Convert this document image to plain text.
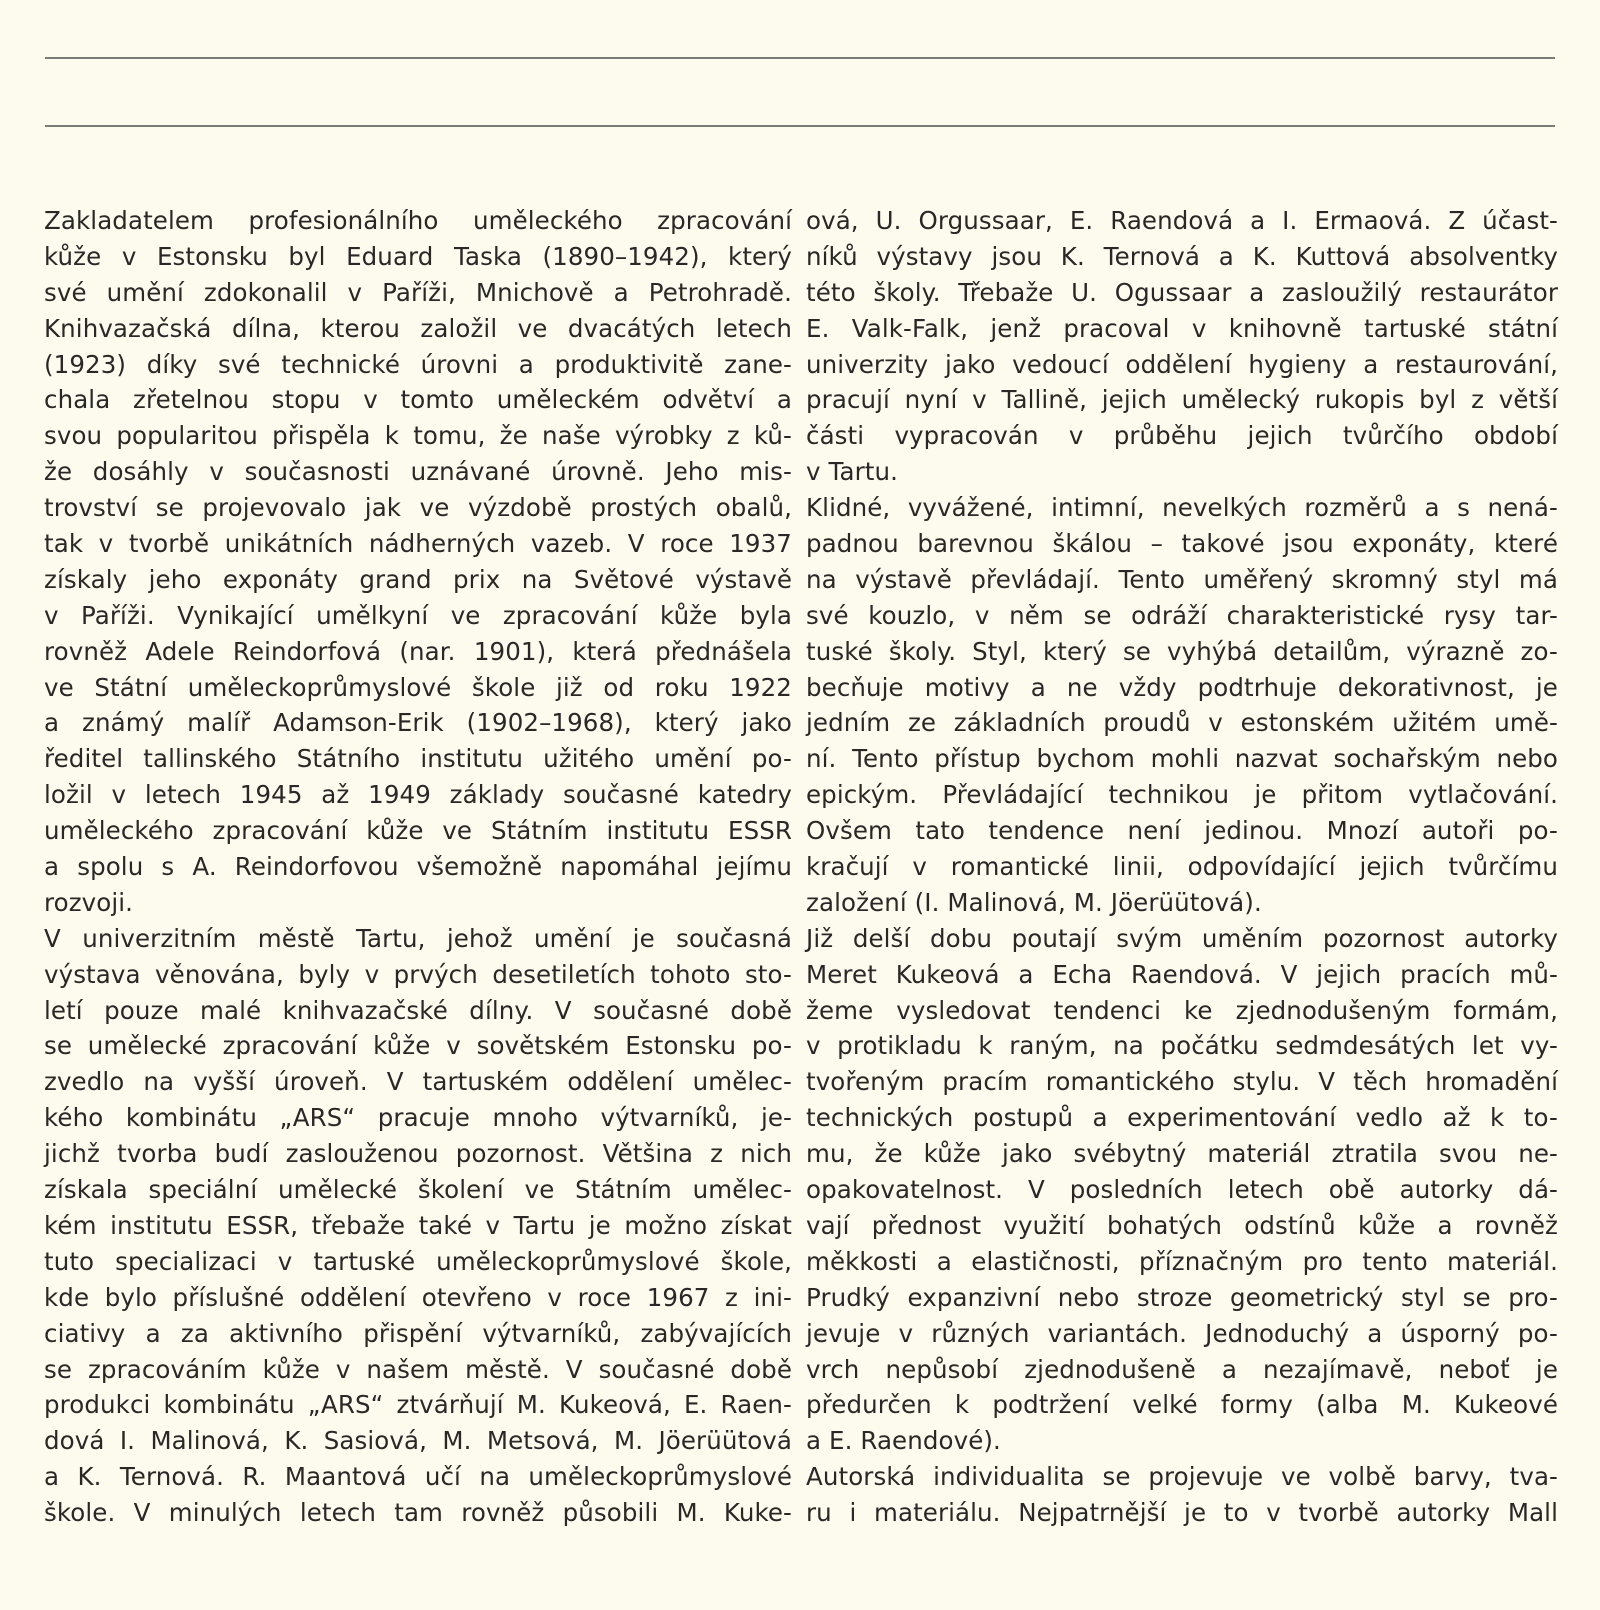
Zakladatelem profesionálního uměleckého zpracování
kůže v Estonsku byl Eduard Taska (1890–1942), který
své umění zdokonalil v Paříži, Mnichově a Petrohradě.
Knihvazačská dílna, kterou založil ve dvacátých letech
(1923) díky své technické úrovni a produktivitě zane-
chala zřetelnou stopu v tomto uměleckém odvětví a
svou popularitou přispěla k tomu, že naše výrobky z ků-
že dosáhly v současnosti uznávané úrovně. Jeho mis-
trovství se projevovalo jak ve výzdobě prostých obalů,
tak v tvorbě unikátních nádherných vazeb. V roce 1937
získaly jeho exponáty grand prix na Světové výstavě
v Paříži. Vynikající umělkyní ve zpracování kůže byla
rovněž Adele Reindorfová (nar. 1901), která přednášela
ve Státní uměleckoprůmyslové škole již od roku 1922
a známý malíř Adamson-Erik (1902–1968), který jako
ředitel tallinského Státního institutu užitého umění po-
ložil v letech 1945 až 1949 základy současné katedry
uměleckého zpracování kůže ve Státním institutu ESSR
a spolu s A. Reindorfovou všemožně napomáhal jejímu
rozvoji.
V univerzitním městě Tartu, jehož umění je současná
výstava věnována, byly v prvých desetiletích tohoto sto-
letí pouze malé knihvazačské dílny. V současné době
se umělecké zpracování kůže v sovětském Estonsku po-
zvedlo na vyšší úroveň. V tartuském oddělení umělec-
kého kombinátu „ARS“ pracuje mnoho výtvarníků, je-
jichž tvorba budí zaslouženou pozornost. Většina z nich
získala speciální umělecké školení ve Státním umělec-
kém institutu ESSR, třebaže také v Tartu je možno získat
tuto specializaci v tartuské uměleckoprůmyslové škole,
kde bylo příslušné oddělení otevřeno v roce 1967 z ini-
ciativy a za aktivního přispění výtvarníků, zabývajících
se zpracováním kůže v našem městě. V současné době
produkci kombinátu „ARS“ ztvárňují M. Kukeová, E. Raen-
dová I. Malinová, K. Sasiová, M. Metsová, M. Jöerüütová
a K. Ternová. R. Maantová učí na uměleckoprůmyslové
škole. V minulých letech tam rovněž působili M. Kuke-
ová, U. Orgussaar, E. Raendová a I. Ermaová. Z účast-
níků výstavy jsou K. Ternová a K. Kuttová absolventky
této školy. Třebaže U. Ogussaar a zasloužilý restaurátor
E. Valk-Falk, jenž pracoval v knihovně tartuské státní
univerzity jako vedoucí oddělení hygieny a restaurování,
pracují nyní v Tallině, jejich umělecký rukopis byl z větší
části vypracován v průběhu jejich tvůrčího období
v Tartu.
Klidné, vyvážené, intimní, nevelkých rozměrů a s nená-
padnou barevnou škálou – takové jsou exponáty, které
na výstavě převládají. Tento uměřený skromný styl má
své kouzlo, v něm se odráží charakteristické rysy tar-
tuské školy. Styl, který se vyhýbá detailům, výrazně zo-
becňuje motivy a ne vždy podtrhuje dekorativnost, je
jedním ze základních proudů v estonském užitém umě-
ní. Tento přístup bychom mohli nazvat sochařským nebo
epickým. Převládající technikou je přitom vytlačování.
Ovšem tato tendence není jedinou. Mnozí autoři po-
kračují v romantické linii, odpovídající jejich tvůrčímu
založení (I. Malinová, M. Jöerüütová).
Již delší dobu poutají svým uměním pozornost autorky
Meret Kukeová a Echa Raendová. V jejich pracích mů-
žeme vysledovat tendenci ke zjednodušeným formám,
v protikladu k raným, na počátku sedmdesátých let vy-
tvořeným pracím romantického stylu. V těch hromadění
technických postupů a experimentování vedlo až k to-
mu, že kůže jako svébytný materiál ztratila svou ne-
opakovatelnost. V posledních letech obě autorky dá-
vají přednost využití bohatých odstínů kůže a rovněž
měkkosti a elastičnosti, příznačným pro tento materiál.
Prudký expanzivní nebo stroze geometrický styl se pro-
jevuje v různých variantách. Jednoduchý a úsporný po-
vrch nepůsobí zjednodušeně a nezajímavě, neboť je
předurčen k podtržení velké formy (alba M. Kukeové
a E. Raendové).
Autorská individualita se projevuje ve volbě barvy, tva-
ru i materiálu. Nejpatrnější je to v tvorbě autorky Mall
